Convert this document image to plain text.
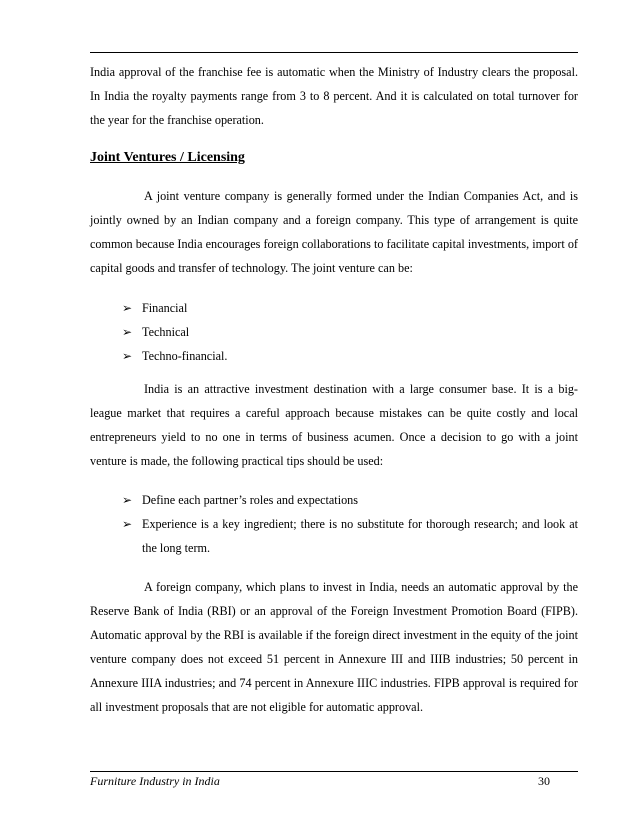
India approval of the franchise fee is automatic when the Ministry of Industry clears the proposal. In India the royalty payments range from 3 to 8 percent. And it is calculated on total turnover for the year for the franchise operation.
Joint Ventures / Licensing
A joint venture company is generally formed under the Indian Companies Act, and is jointly owned by an Indian company and a foreign company. This type of arrangement is quite common because India encourages foreign collaborations to facilitate capital investments, import of capital goods and transfer of technology. The joint venture can be:
➢ Financial
➢ Technical
➢ Techno-financial.
India is an attractive investment destination with a large consumer base. It is a big-league market that requires a careful approach because mistakes can be quite costly and local entrepreneurs yield to no one in terms of business acumen. Once a decision to go with a joint venture is made, the following practical tips should be used:
➢ Define each partner’s roles and expectations
➢ Experience is a key ingredient; there is no substitute for thorough research; and look at the long term.
A foreign company, which plans to invest in India, needs an automatic approval by the Reserve Bank of India (RBI) or an approval of the Foreign Investment Promotion Board (FIPB). Automatic approval by the RBI is available if the foreign direct investment in the equity of the joint venture company does not exceed 51 percent in Annexure III and IIIB industries; 50 percent in Annexure IIIA industries; and 74 percent in Annexure IIIC industries. FIPB approval is required for all investment proposals that are not eligible for automatic approval.
Furniture Industry in India	30
